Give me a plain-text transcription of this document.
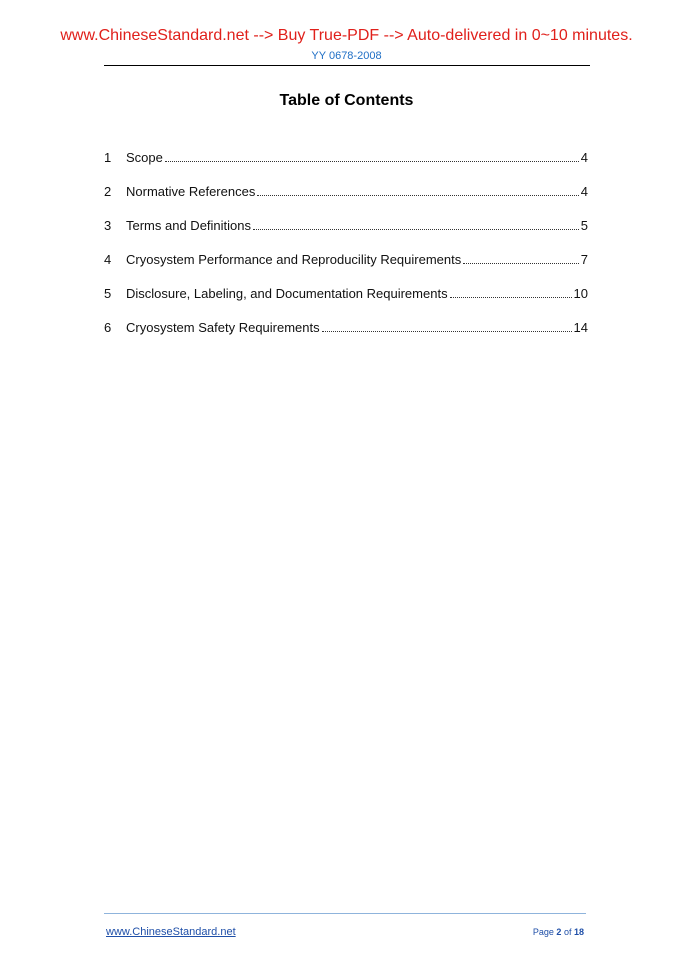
www.ChineseStandard.net --> Buy True-PDF --> Auto-delivered in 0~10 minutes.
YY 0678-2008
Table of Contents
1	Scope	4
2	Normative References	4
3	Terms and Definitions	5
4	Cryosystem Performance and Reproducility Requirements	7
5	Disclosure, Labeling, and Documentation Requirements	10
6	Cryosystem Safety Requirements	14
www.ChineseStandard.net	Page 2 of 18
